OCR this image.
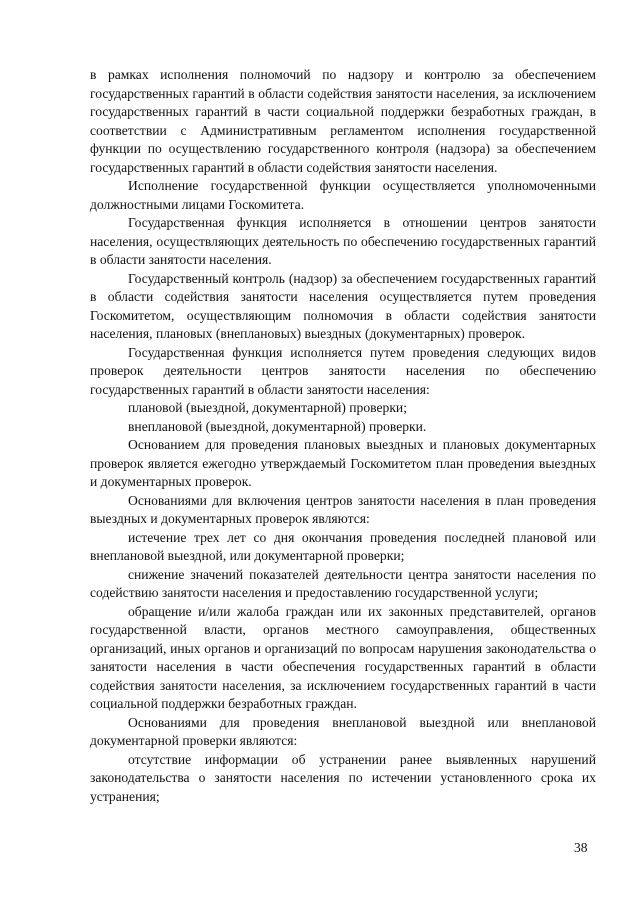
в рамках исполнения полномочий по надзору и контролю за обеспечением государственных гарантий в области содействия занятости населения, за исключением государственных гарантий в части социальной поддержки безработных граждан, в соответствии с Административным регламентом исполнения государственной функции по осуществлению государственного контроля (надзора) за обеспечением государственных гарантий в области содействия занятости населения.

Исполнение государственной функции осуществляется уполномоченными должностными лицами Госкомитета.

Государственная функция исполняется в отношении центров занятости населения, осуществляющих деятельность по обеспечению государственных гарантий в области занятости населения.

Государственный контроль (надзор) за обеспечением государственных гарантий в области содействия занятости населения осуществляется путем проведения Госкомитетом, осуществляющим полномочия в области содействия занятости населения, плановых (внеплановых) выездных (документарных) проверок.

Государственная функция исполняется путем проведения следующих видов проверок деятельности центров занятости населения по обеспечению государственных гарантий в области занятости населения:

плановой (выездной, документарной) проверки;

внеплановой (выездной, документарной) проверки.

Основанием для проведения плановых выездных и плановых документарных проверок является ежегодно утверждаемый Госкомитетом план проведения выездных и документарных проверок.

Основаниями для включения центров занятости населения в план проведения выездных и документарных проверок являются:

истечение трех лет со дня окончания проведения последней плановой или внеплановой выездной, или документарной проверки;

снижение значений показателей деятельности центра занятости населения по содействию занятости населения и предоставлению государственной услуги;

обращение и/или жалоба граждан или их законных представителей, органов государственной власти, органов местного самоуправления, общественных организаций, иных органов и организаций по вопросам нарушения законодательства о занятости населения в части обеспечения государственных гарантий в области содействия занятости населения, за исключением государственных гарантий в части социальной поддержки безработных граждан.

Основаниями для проведения внеплановой выездной или внеплановой документарной проверки являются:

отсутствие информации об устранении ранее выявленных нарушений законодательства о занятости населения по истечении установленного срока их устранения;

38
